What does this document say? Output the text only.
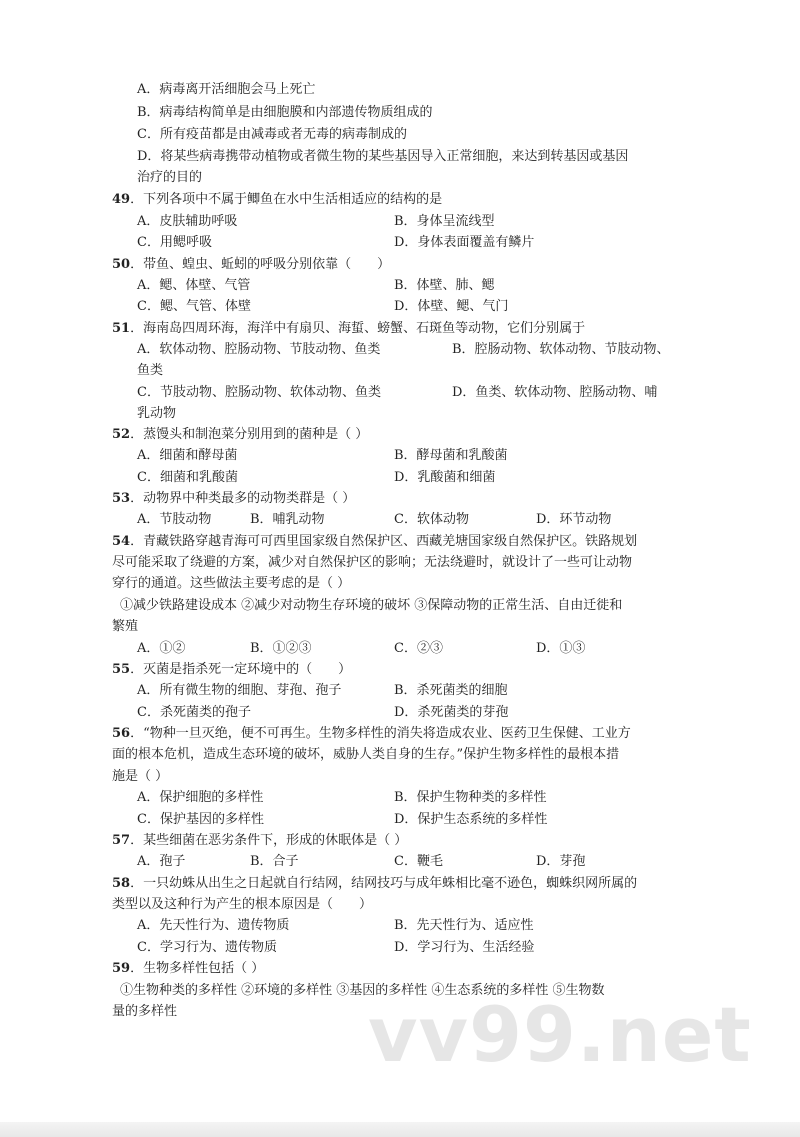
A．病毒离开活细胞会马上死亡
B．病毒结构简单是由细胞膜和内部遗传物质组成的
C．所有疫苗都是由减毒或者无毒的病毒制成的
D．将某些病毒携带动植物或者微生物的某些基因导入正常细胞，来达到转基因或基因
治疗的目的
49．下列各项中不属于鲫鱼在水中生活相适应的结构的是
A．皮肤辅助呼吸	B．身体呈流线型
C．用鳃呼吸	D．身体表面覆盖有鳞片
50．带鱼、蝗虫、蚯蚓的呼吸分别依靠（　　）
A．鳃、体壁、气管	B．体壁、肺、鳃
C．鳃、气管、体壁	D．体壁、鳃、气门
51．海南岛四周环海，海洋中有扇贝、海蜇、螃蟹、石斑鱼等动物，它们分别属于
A．软体动物、腔肠动物、节肢动物、鱼类	B．腔肠动物、软体动物、节肢动物、
鱼类
C．节肢动物、腔肠动物、软体动物、鱼类	D．鱼类、软体动物、腔肠动物、哺
乳动物
52．蒸馒头和制泡菜分别用到的菌种是（ ）
A．细菌和酵母菌	B．酵母菌和乳酸菌
C．细菌和乳酸菌	D．乳酸菌和细菌
53．动物界中种类最多的动物类群是（ ）
A．节肢动物	B．哺乳动物	C．软体动物	D．环节动物
54．青藏铁路穿越青海可可西里国家级自然保护区、西藏羌塘国家级自然保护区。铁路规划
尽可能采取了绕避的方案，减少对自然保护区的影响；无法绕避时，就设计了一些可让动物
穿行的通道。这些做法主要考虑的是（ ）
①减少铁路建设成本 ②减少对动物生存环境的破坏 ③保障动物的正常生活、自由迁徙和
繁殖
A．①②	B．①②③	C．②③	D．①③
55．灭菌是指杀死一定环境中的（　　）
A．所有微生物的细胞、芽孢、孢子	B．杀死菌类的细胞
C．杀死菌类的孢子	D．杀死菌类的芽孢
56．“物种一旦灭绝，便不可再生。生物多样性的消失将造成农业、医药卫生保健、工业方
面的根本危机，造成生态环境的破坏，威胁人类自身的生存。”保护生物多样性的最根本措
施是（ ）
A．保护细胞的多样性	B．保护生物种类的多样性
C．保护基因的多样性	D．保护生态系统的多样性
57．某些细菌在恶劣条件下，形成的休眠体是（ ）
A．孢子	B．合子	C．鞭毛	D．芽孢
58．一只幼蛛从出生之日起就自行结网，结网技巧与成年蛛相比毫不逊色，蜘蛛织网所属的
类型以及这种行为产生的根本原因是（　　）
A．先天性行为、遗传物质	B．先天性行为、适应性
C．学习行为、遗传物质	D．学习行为、生活经验
59．生物多样性包括（ ）
①生物种类的多样性 ②环境的多样性 ③基因的多样性 ④生态系统的多样性 ⑤生物数
量的多样性	vv99.net
